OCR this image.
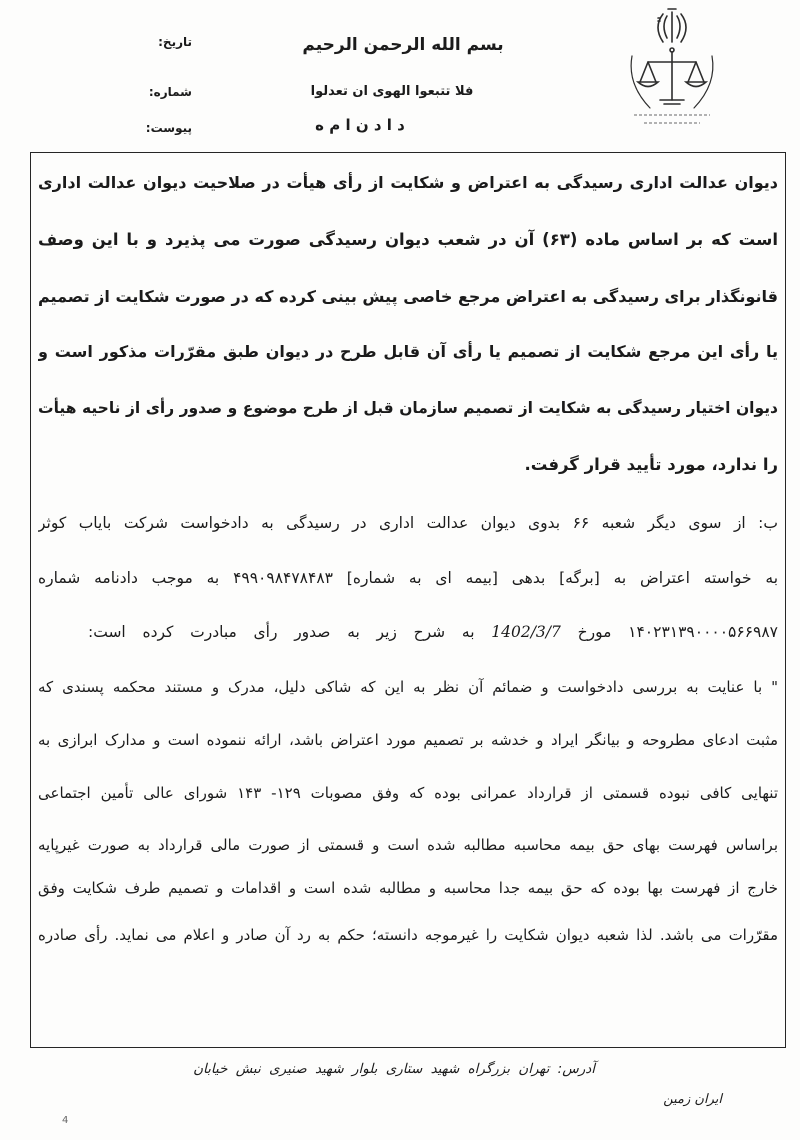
بسم الله الرحمن الرحیم
فلا تتبعوا الهوی ان تعدلوا
د ا د ن ا م ه
تاریخ:
شماره:
پیوست:
دیوان عدالت اداری رسیدگی به اعتراض و شکایت از رأی هیأت در صلاحیت دیوان عدالت اداری
است که بر اساس ماده (۶۳) آن در شعب دیوان رسیدگی صورت می پذیرد و با این وصف
قانونگذار برای رسیدگی به اعتراض مرجع خاصی پیش بینی کرده که در صورت شکایت از تصمیم
یا رأی این مرجع شکایت از تصمیم یا رأی آن قابل طرح در دیوان طبق مقرّرات مذکور است و
دیوان اختیار رسیدگی به شکایت از تصمیم سازمان قبل از طرح موضوع و صدور رأی از ناحیه هیأت
را ندارد، مورد تأیید قرار گرفت.
ب: از سوی دیگر شعبه ۶۶ بدوی دیوان عدالت اداری در رسیدگی به دادخواست شرکت بایاب کوثر
به خواسته اعتراض به [برگه] بدهی [بیمه ای به شماره] ۴۹۹۰۹۸۴۷۸۴۸۳ به موجب دادنامه شماره
۱۴۰۲۳۱۳۹۰۰۰۰۵۶۶۹۸۷ مورخ 1402/3/7 به شرح زیر به صدور رأی مبادرت کرده است:
" با عنایت به بررسی دادخواست و ضمائم آن نظر به این که شاکی دلیل، مدرک و مستند محکمه پسندی که
مثبت ادعای مطروحه و بیانگر ایراد و خدشه بر تصمیم مورد اعتراض باشد، ارائه ننموده است و مدارک ابرازی به
تنهایی کافی نبوده قسمتی از قرارداد عمرانی بوده که وفق مصوبات ۱۲۹- ۱۴۳ شورای عالی تأمین اجتماعی
براساس فهرست بهای حق بیمه محاسبه مطالبه شده است و قسمتی از صورت مالی قرارداد به صورت غیرپایه
خارج از فهرست بها بوده که حق بیمه جدا محاسبه و مطالبه شده است و اقدامات و تصمیم طرف شکایت وفق
مقرّرات می باشد. لذا شعبه دیوان شکایت را غیرموجه دانسته؛ حکم به رد آن صادر و اعلام می نماید. رأی صادره
آدرس: تهران بزرگراه شهید ستاری بلوار شهید صنیری نبش خیابان
ایران زمین
4
